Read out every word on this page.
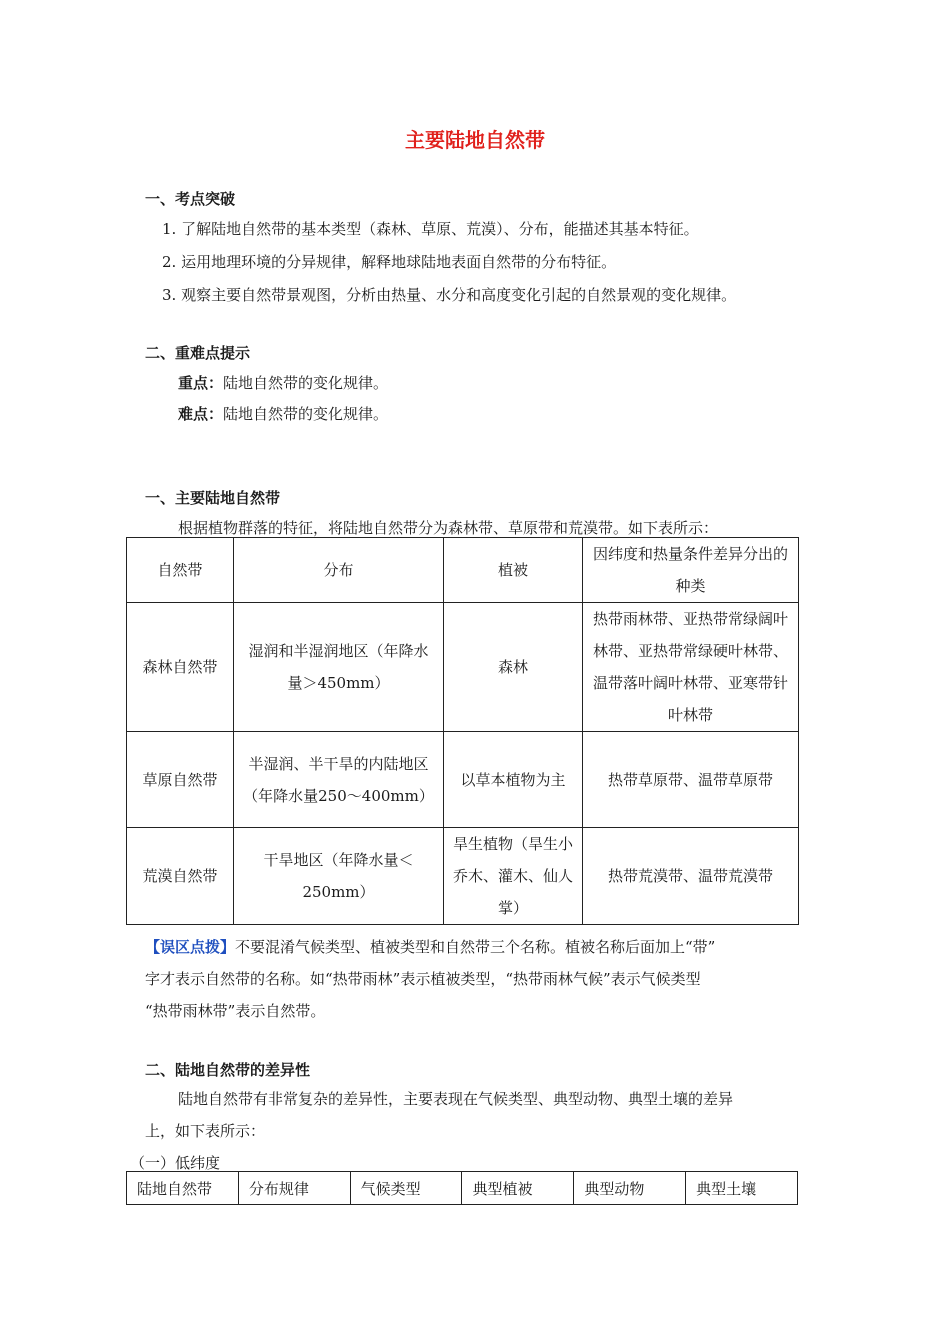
主要陆地自然带
一、考点突破
1. 了解陆地自然带的基本类型（森林、草原、荒漠）、分布，能描述其基本特征。
2. 运用地理环境的分异规律，解释地球陆地表面自然带的分布特征。
3. 观察主要自然带景观图，分析由热量、水分和高度变化引起的自然景观的变化规律。
二、重难点提示
重点：陆地自然带的变化规律。
难点：陆地自然带的变化规律。
一、主要陆地自然带
根据植物群落的特征，将陆地自然带分为森林带、草原带和荒漠带。如下表所示：
自然带	分布	植被	因纬度和热量条件差异分出的种类
森林自然带	湿润和半湿润地区（年降水量＞450mm）	森林	热带雨林带、亚热带常绿阔叶林带、亚热带常绿硬叶林带、温带落叶阔叶林带、亚寒带针叶林带
草原自然带	半湿润、半干旱的内陆地区（年降水量250～400mm）	以草本植物为主	热带草原带、温带草原带
荒漠自然带	干旱地区（年降水量＜250mm）	旱生植物（旱生小乔木、灌木、仙人掌）	热带荒漠带、温带荒漠带
【误区点拨】不要混淆气候类型、植被类型和自然带三个名称。植被名称后面加上“带”
字才表示自然带的名称。如“热带雨林”表示植被类型，“热带雨林气候”表示气候类型
“热带雨林带”表示自然带。
二、陆地自然带的差异性
陆地自然带有非常复杂的差异性，主要表现在气候类型、典型动物、典型土壤的差异
上，如下表所示：
（一）低纬度
陆地自然带	分布规律	气候类型	典型植被	典型动物	典型土壤
